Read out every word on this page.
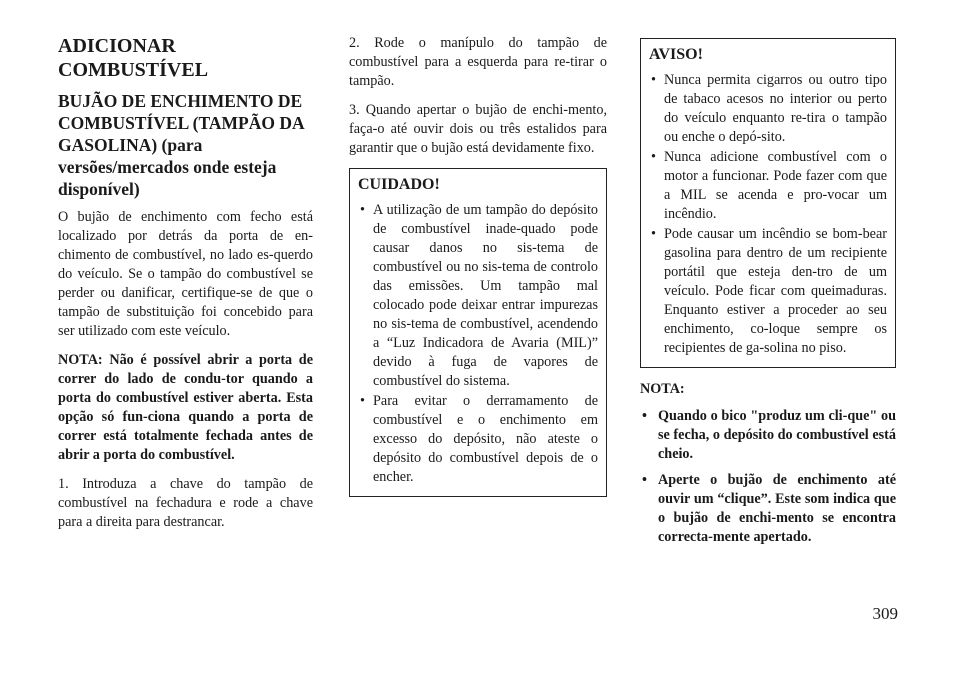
ADICIONAR COMBUSTÍVEL
BUJÃO DE ENCHIMENTO DE COMBUSTÍVEL (TAMPÃO DA GASOLINA) (para versões/mercados onde esteja disponível)

O bujão de enchimento com fecho está localizado por detrás da porta de en-chimento de combustível, no lado es-querdo do veículo. Se o tampão do combustível se perder ou danificar, certifique-se de que o tampão de substituição foi concebido para ser utilizado com este veículo.

NOTA: Não é possível abrir a porta de correr do lado de condu-tor quando a porta do combustível estiver aberta. Esta opção só fun-ciona quando a porta de correr está totalmente fechada antes de abrir a porta do combustível.

1. Introduza a chave do tampão de combustível na fechadura e rode a chave para a direita para destrancar.

2. Rode o manípulo do tampão de combustível para a esquerda para re-tirar o tampão.

3. Quando apertar o bujão de enchi-mento, faça-o até ouvir dois ou três estalidos para garantir que o bujão está devidamente fixo.

CUIDADO!
• A utilização de um tampão do depósito de combustível inade-quado pode causar danos no sis-tema de combustível ou no sis-tema de controlo das emissões. Um tampão mal colocado pode deixar entrar impurezas no sis-tema de combustível, acendendo a “Luz Indicadora de Avaria (MIL)” devido à fuga de vapores de combustível do sistema.
• Para evitar o derramamento de combustível e o enchimento em excesso do depósito, não ateste o depósito do combustível depois de o encher.
AVISO!
• Nunca permita cigarros ou outro tipo de tabaco acesos no interior ou perto do veículo enquanto re-tira o tampão ou enche o depó-sito.
• Nunca adicione combustível com o motor a funcionar. Pode fazer com que a MIL se acenda e pro-vocar um incêndio.
• Pode causar um incêndio se bom-bear gasolina para dentro de um recipiente portátil que esteja den-tro de um veículo. Pode ficar com queimaduras. Enquanto estiver a proceder ao seu enchimento, co-loque sempre os recipientes de ga-solina no piso.
NOTA:
• Quando o bico "produz um cli-que" ou se fecha, o depósito do combustível está cheio.
• Aperte o bujão de enchimento até ouvir um “clique”. Este som indica que o bujão de enchi-mento se encontra correcta-mente apertado.
309
